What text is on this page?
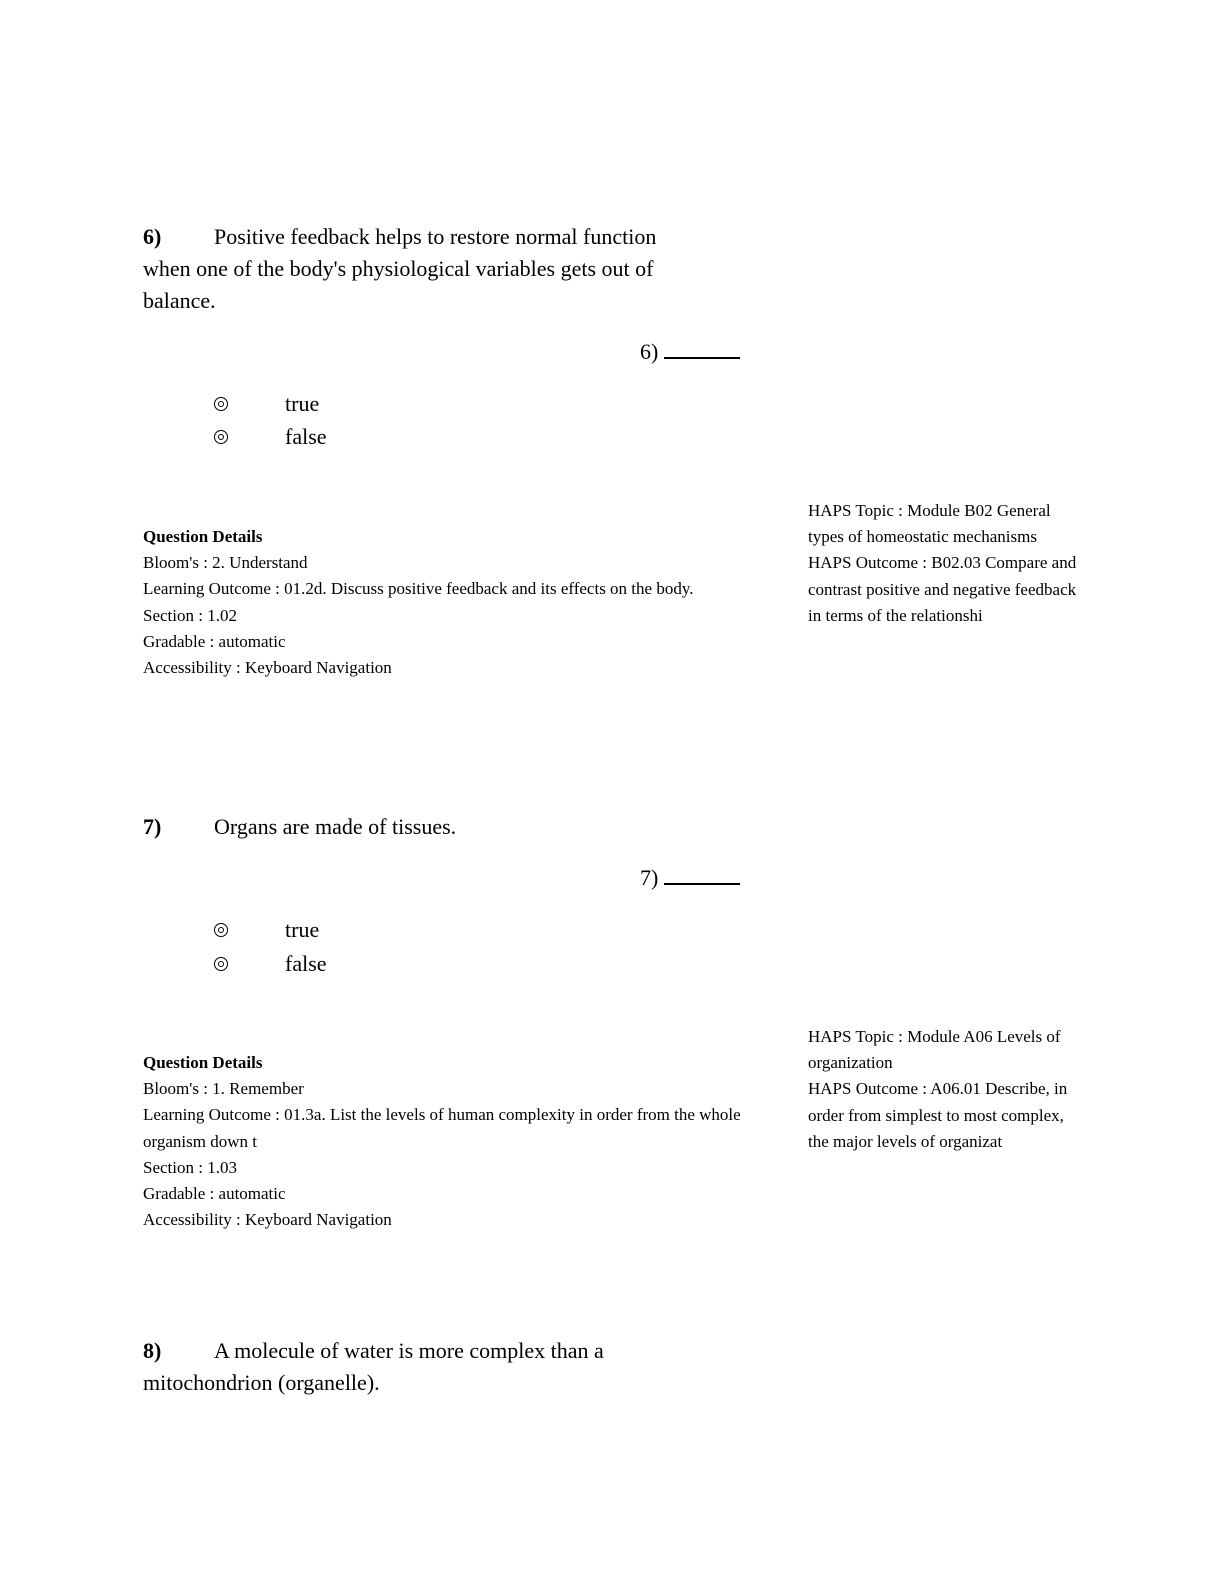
6) Positive feedback helps to restore normal function when one of the body's physiological variables gets out of balance.
6)
true
false
Question Details
Bloom's : 2. Understand
Learning Outcome : 01.2d. Discuss positive feedback and its effects on the body.
Section : 1.02
Gradable : automatic
Accessibility : Keyboard Navigation
HAPS Topic : Module B02 General types of homeostatic mechanisms
HAPS Outcome : B02.03 Compare and contrast positive and negative feedback in terms of the relationshi
7) Organs are made of tissues.
7)
true
false
Question Details
Bloom's : 1. Remember
Learning Outcome : 01.3a. List the levels of human complexity in order from the whole organism down t
Section : 1.03
Gradable : automatic
Accessibility : Keyboard Navigation
HAPS Topic : Module A06 Levels of organization
HAPS Outcome : A06.01 Describe, in order from simplest to most complex, the major levels of organizat
8) A molecule of water is more complex than a mitochondrion (organelle).
